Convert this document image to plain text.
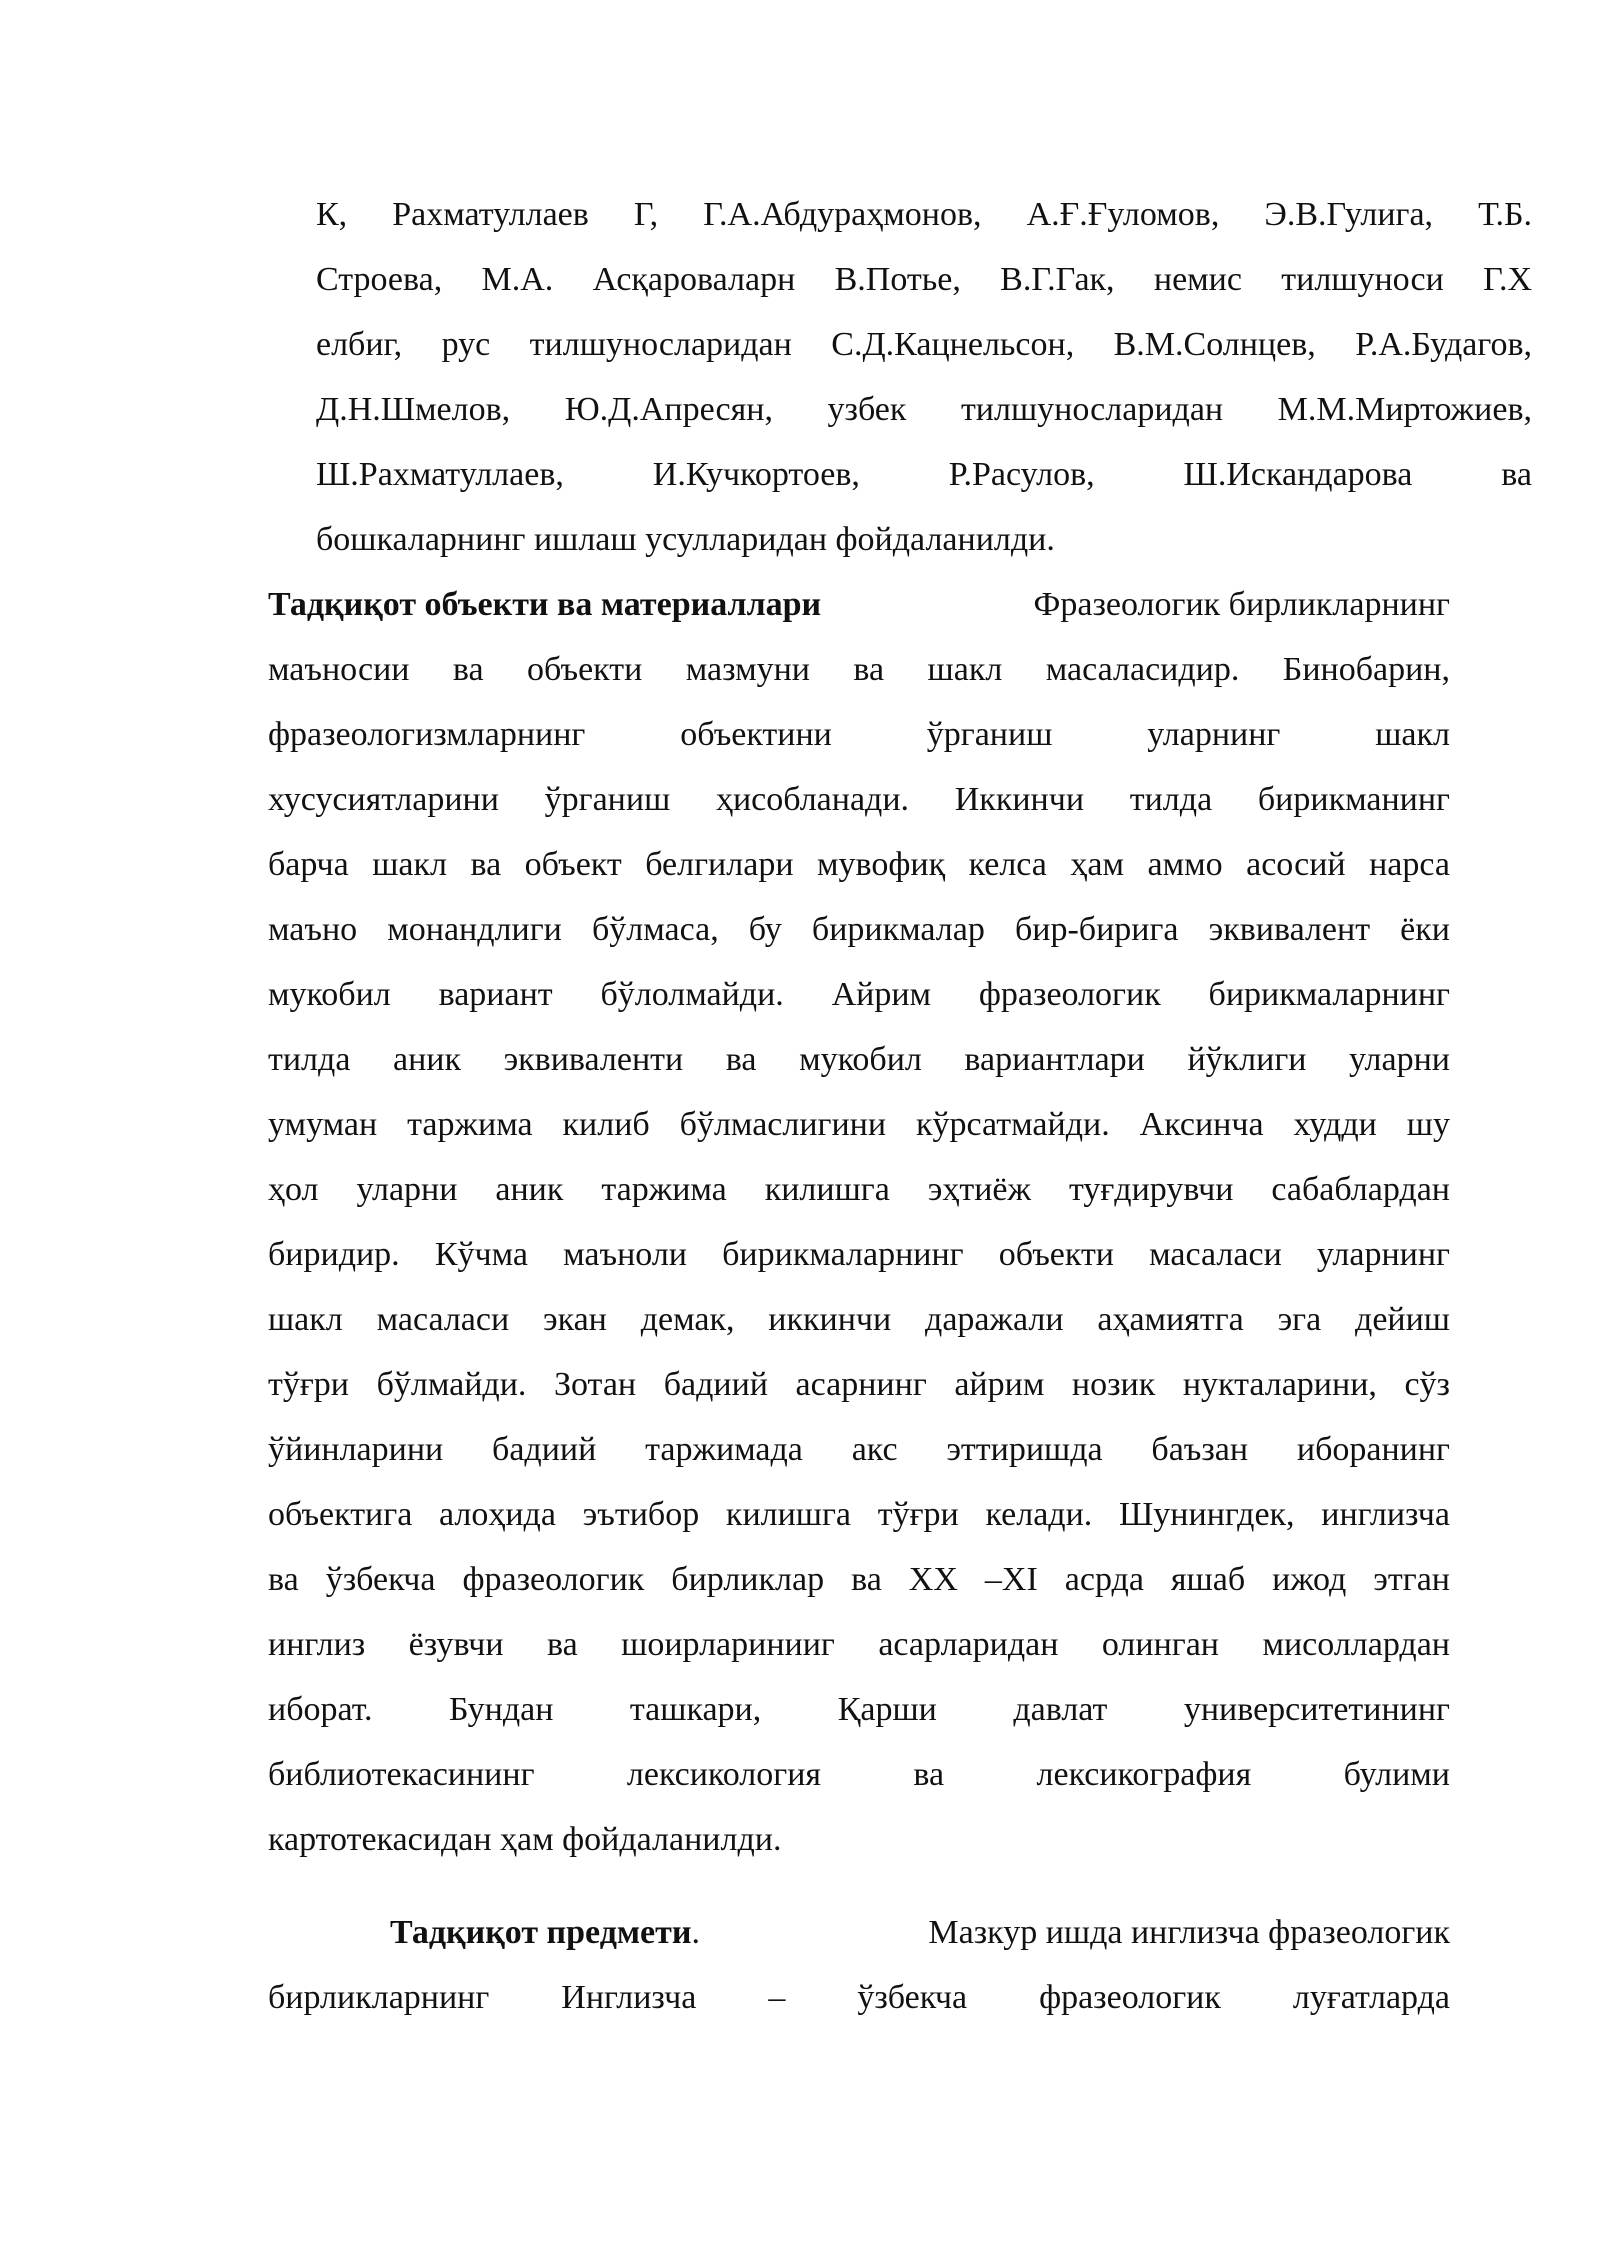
К, Рахматуллаев Г, Г.А.Абдураҳмонов, А.Ғ.Ғуломов, Э.В.Гулига, Т.Б.
Строева, М.А. Асқароваларн В.Потье, В.Г.Гак, немис тилшуноси Г.Х
елбиг, рус тилшуносларидан С.Д.Кацнельсон, В.М.Солнцев, Р.А.Будагов,
Д.Н.Шмелов, Ю.Д.Апресян, узбек тилшуносларидан М.М.Миртожиев,
Ш.Рахматуллаев, И.Кучкортоев, Р.Расулов, Ш.Искандарова ва
бошкаларнинг ишлаш усулларидан фойдаланилди.
Тадқиқот объекти ва материаллари	Фразеологик бирликларнинг
маъносии ва объекти мазмуни ва шакл масаласидир. Бинобарин,
фразеологизмларнинг объектини ўрганиш уларнинг шакл
хусусиятларини ўрганиш ҳисобланади. Иккинчи тилда бирикманинг
барча шакл ва объект белгилари мувофиқ келса ҳам аммо асосий нарса
маъно монандлиги бўлмаса, бу бирикмалар бир-бирига эквивалент ёки
мукобил вариант бўлолмайди. Айрим фразеологик бирикмаларнинг
тилда аник эквиваленти ва мукобил вариантлари йўклиги уларни
умуман таржима килиб бўлмаслигини кўрсатмайди. Аксинча худди шу
ҳол уларни аник таржима килишга эҳтиёж туғдирувчи сабаблардан
биридир. Кўчма маъноли бирикмаларнинг объекти масаласи уларнинг
шакл масаласи экан демак, иккинчи даражали аҳамиятга эга дейиш
тўғри бўлмайди. Зотан бадиий асарнинг айрим нозик нукталарини, сўз
ўйинларини бадиий таржимада акс эттиришда баъзан иборанинг
объектига алоҳида эътибор килишга тўғри келади. Шунингдек, инглизча
ва ўзбекча фразеологик бирликлар ва XX –XI асрда яшаб ижод этган
инглиз ёзувчи ва шоирларинииг асарларидан олинган мисоллардан
иборат. Бундан ташкари, Қарши давлат университетининг
библиотекасининг лексикология ва лексикография булими
картотекасидан ҳам фойдаланилди.
Тадқиқот предмети.	Мазкур ишда инглизча фразеологик
бирликларнинг Инглизча – ўзбекча фразеологик луғатларда
